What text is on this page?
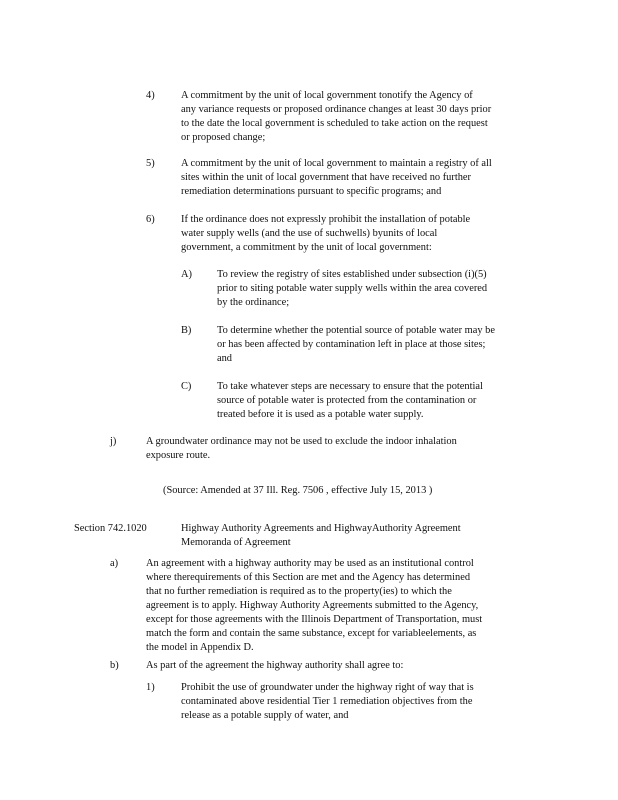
4)	A commitment by the unit of local government tonotify the Agency of
any variance requests or proposed ordinance changes at least 30 days prior
to the date the local government is scheduled to take action on the request
or proposed change;
5)	A commitment by the unit of local government to maintain a registry of all
sites within the unit of local government that have received no further
remediation determinations pursuant to specific programs; and
6)	If the ordinance does not expressly prohibit the installation of potable
water supply wells (and the use of suchwells) byunits of local
government, a commitment by the unit of local government:
A) To review the registry of sites established under subsection (i)(5)
prior to siting potable water supply wells within the area covered
by the ordinance;
B) To determine whether the potential source of potable water may be
or has been affected by contamination left in place at those sites;
and
C) To take whatever steps are necessary to ensure that the potential
source of potable water is protected from the contamination or
treated before it is used as a potable water supply.
j)	A groundwater ordinance may not be used to exclude the indoor inhalation
exposure route.
(Source: Amended at 37 Ill. Reg. 7506 , effective July 15, 2013 )
Section 742.1020	Highway Authority Agreements and HighwayAuthority Agreement
Memoranda of Agreement
a)	An agreement with a highway authority may be used as an institutional control
where therequirements of this Section are met and the Agency has determined
that no further remediation is required as to the property(ies) to which the
agreement is to apply. Highway Authority Agreements submitted to the Agency,
except for those agreements with the Illinois Department of Transportation, must
match the form and contain the same substance, except for variableelements, as
the model in Appendix D.
b)	As part of the agreement the highway authority shall agree to:
1)	Prohibit the use of groundwater under the highway right of way that is
contaminated above residential Tier 1 remediation objectives from the
release as a potable supply of water, and
